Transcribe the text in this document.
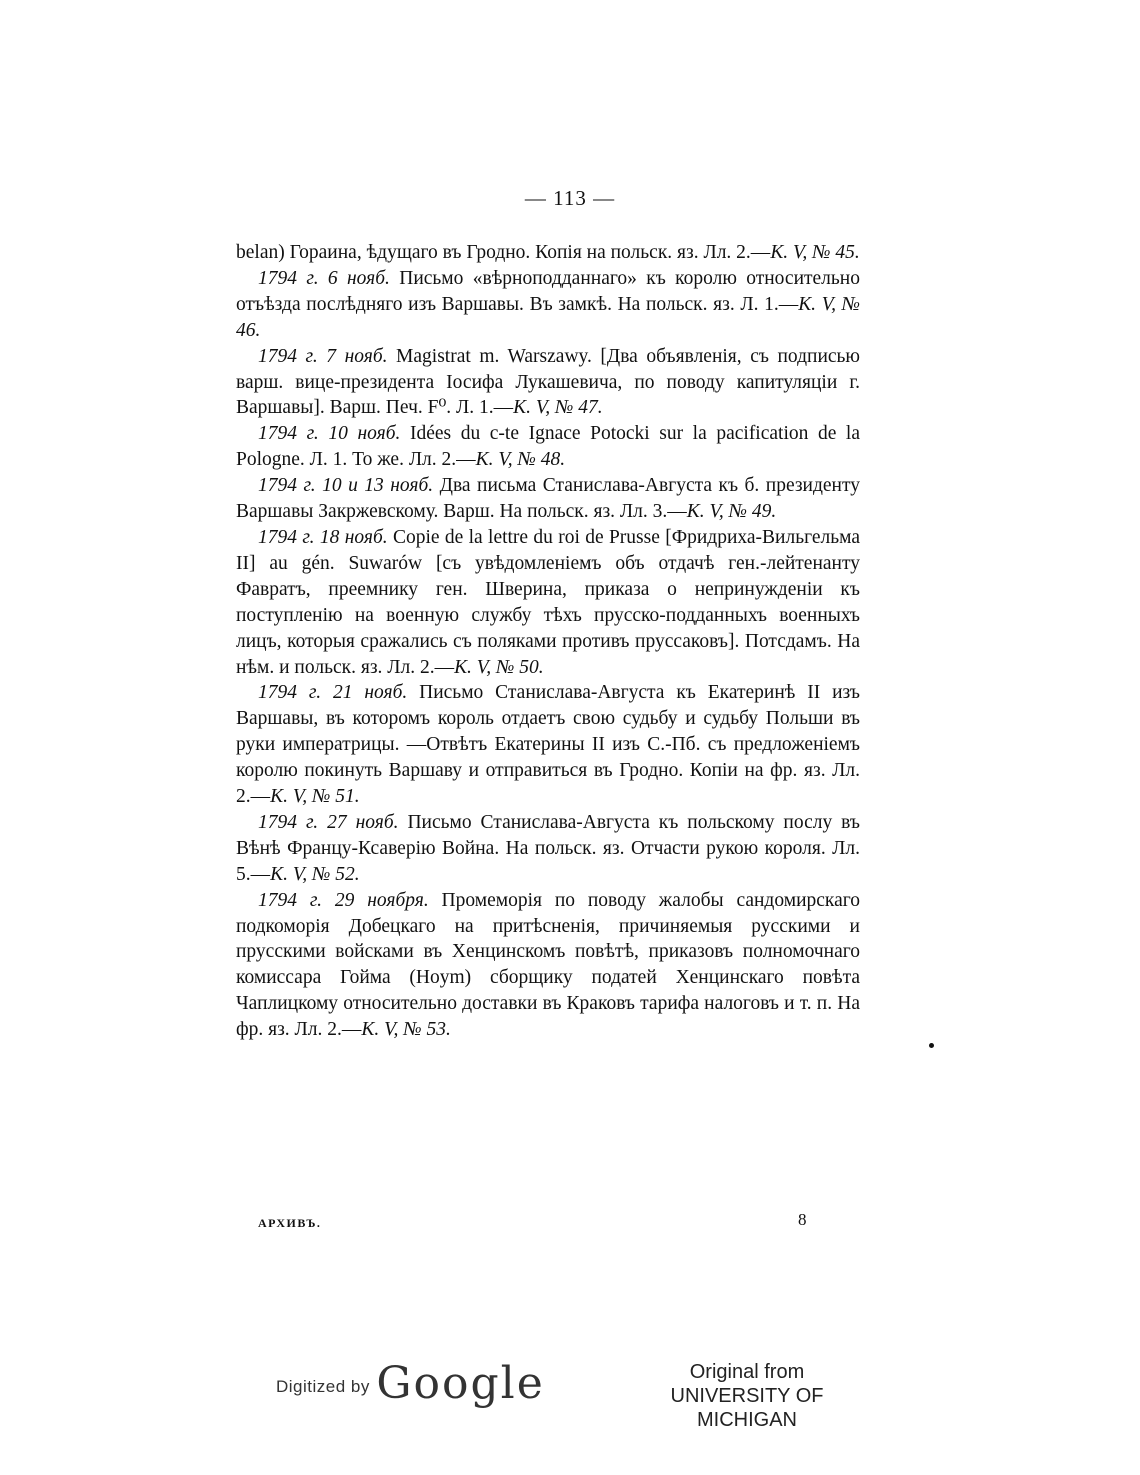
— 113 —

belan) Гораина, ѣдущаго въ Гродно. Копія на польск. яз. Лл. 2.—К. V, № 45.

1794 г. 6 нояб. Письмо «вѣрноподданнаго» къ королю относительно отъѣзда послѣдняго изъ Варшавы. Въ замкѣ. На польск. яз. Л. 1.—К. V, № 46.

1794 г. 7 нояб. Magistrat m. Warszawy. [Два объявленія, съ подписью варш. вице-президента Іосифа Лукашевича, по поводу капитуляціи г. Варшавы]. Варш. Печ. F⁰. Л. 1.—К. V, № 47.

1794 г. 10 нояб. Idées du c-te Ignace Potocki sur la pacification de la Pologne. Л. 1. То же. Лл. 2.—К. V, № 48.

1794 г. 10 и 13 нояб. Два письма Станислава-Августа къ б. президенту Варшавы Закржевскому. Варш. На польск. яз. Лл. 3.—К. V, № 49.

1794 г. 18 нояб. Copie de la lettre du roi de Prusse [Фридриха-Вильгельма II] au gén. Suwarów [съ увѣдомленіемъ объ отдачѣ ген.-лейтенанту Фавратъ, преемнику ген. Шверина, приказа о непринужденіи къ поступленію на военную службу тѣхъ прусско-подданныхъ военныхъ лицъ, которыя сражались съ поляками противъ пруссаковъ]. Потсдамъ. На нѣм. и польск. яз. Лл. 2.—К. V, № 50.

1794 г. 21 нояб. Письмо Станислава-Августа къ Екатеринѣ II изъ Варшавы, въ которомъ король отдаетъ свою судьбу и судьбу Польши въ руки императрицы. —Отвѣтъ Екатерины II изъ С.-Пб. съ предложеніемъ королю покинуть Варшаву и отправиться въ Гродно. Копіи на фр. яз. Лл. 2.—К. V, № 51.

1794 г. 27 нояб. Письмо Станислава-Августа къ польскому послу въ Вѣнѣ Францу-Ксаверію Война. На польск. яз. Отчасти рукою короля. Лл. 5.—К. V, № 52.

1794 г. 29 ноября. Промеморія по поводу жалобы сандомирскаго подкоморія Добецкаго на притѣсненія, причиняемыя русскими и прусскими войсками въ Хенцинскомъ повѣтѣ, приказовъ полномочнаго комиссара Гойма (Hoym) сборщику податей Хенцинскаго повѣта Чаплицкому относительно доставки въ Краковъ тарифа налоговъ и т. п. На фр. яз. Лл. 2.—К. V, № 53.

АРХИВЪ.	8
Digitized by Google	Original from
UNIVERSITY OF MICHIGAN
